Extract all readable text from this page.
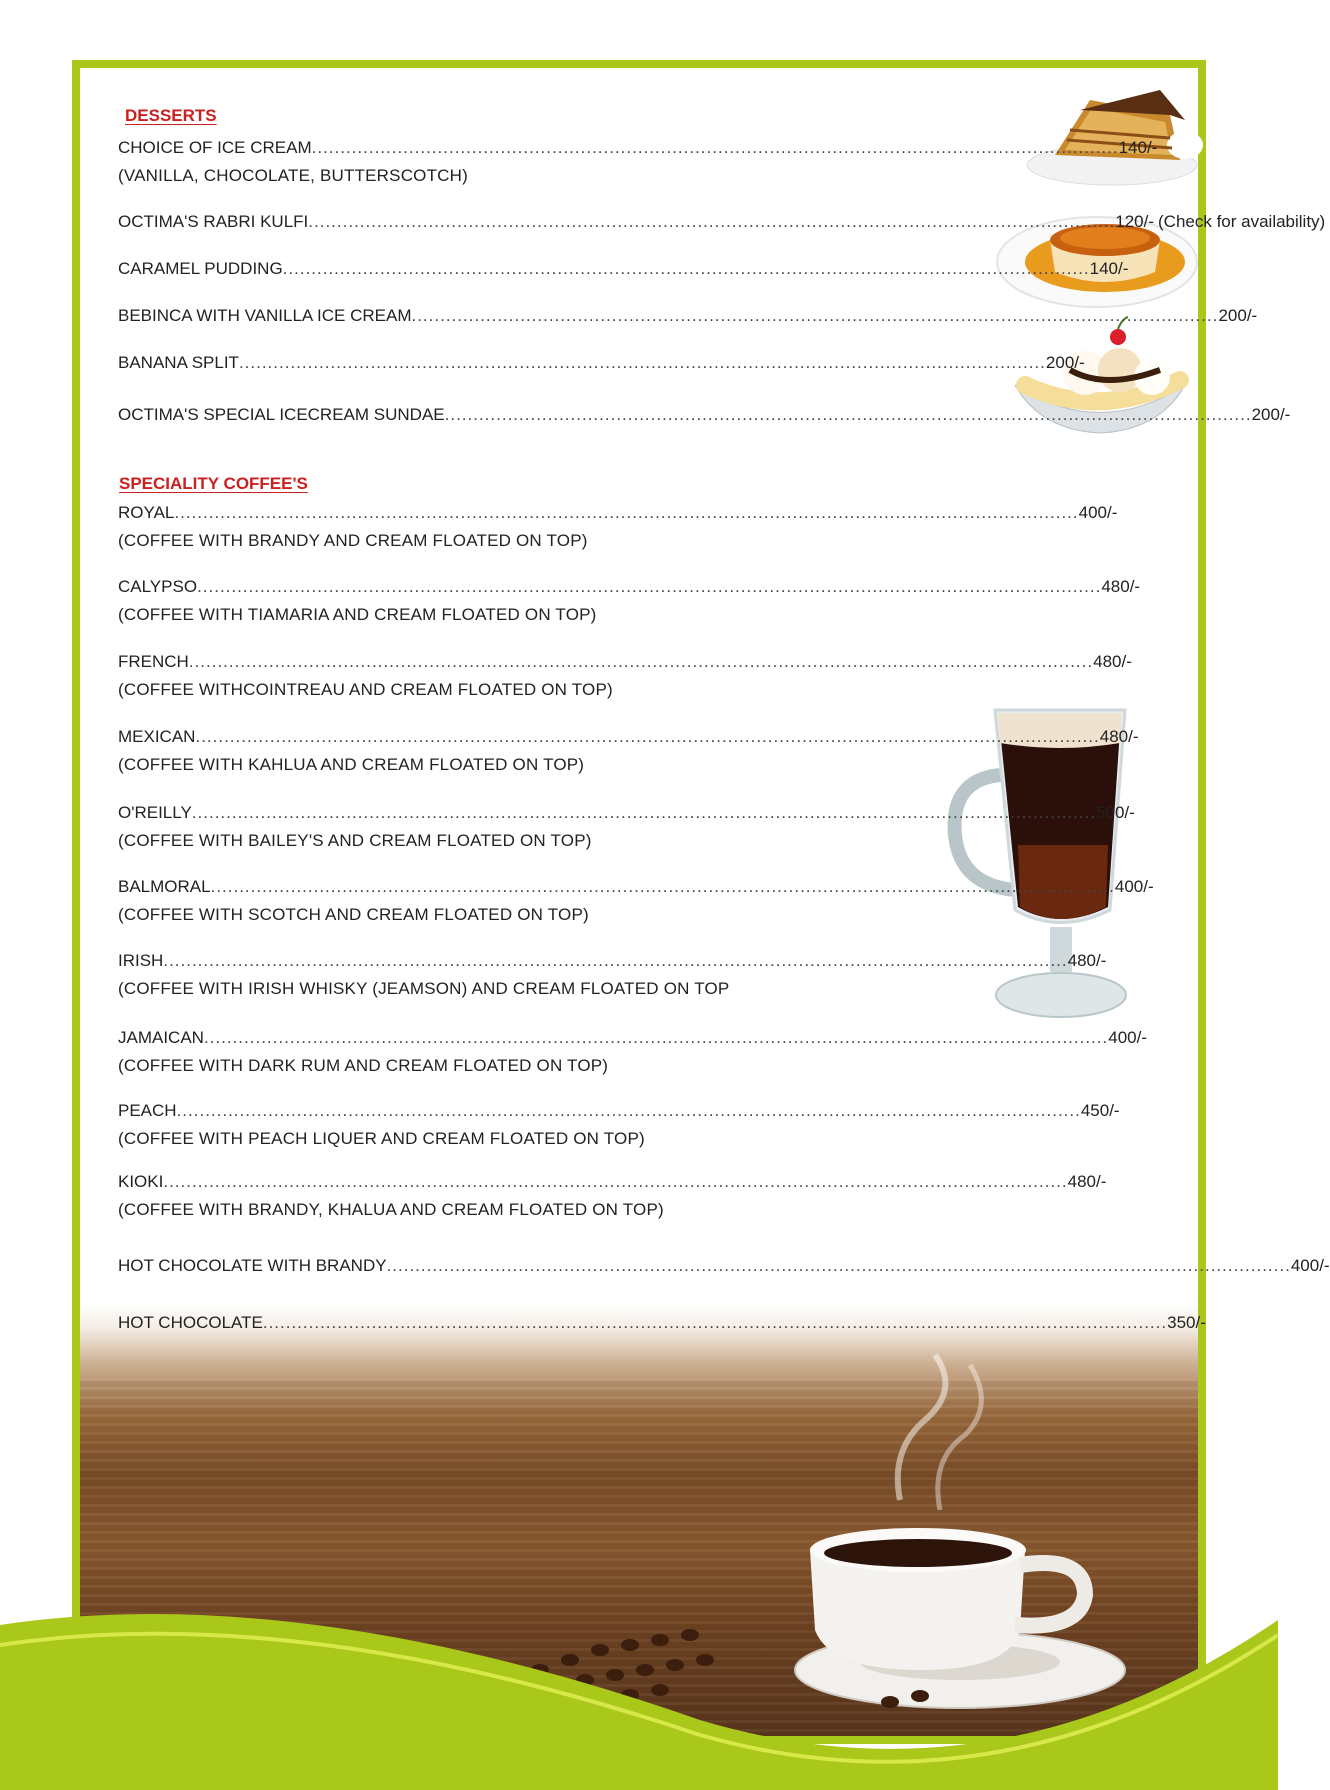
DESSERTS
CHOICE OF ICE CREAM ............................................................................................................................................. 140/-
(VANILLA, CHOCOLATE, BUTTERSCOTCH)
OCTIMA'S RABRI KULFI ............................................................................................................................................. 120/- (Check for availability)
CARAMEL PUDDING ............................................................................................................................................. 140/-
BEBINCA WITH VANILLA ICE CREAM ............................................................................................................................................. 200/-
BANANA SPLIT ............................................................................................................................................. 200/-
OCTIMA'S SPECIAL ICECREAM SUNDAE ............................................................................................................................................. 200/-
SPECIALITY COFFEE'S
ROYAL .............................................................................................................................................................. 400/-
(COFFEE WITH BRANDY AND CREAM FLOATED ON TOP)
CALYPSO .............................................................................................................................................................. 480/-
(COFFEE WITH TIAMARIA AND CREAM FLOATED ON TOP)
FRENCH .............................................................................................................................................................. 480/-
(COFFEE WITHCOINTREAU AND CREAM FLOATED ON TOP)
MEXICAN .............................................................................................................................................................. 480/-
(COFFEE WITH KAHLUA AND CREAM FLOATED ON TOP)
O'REILLY .............................................................................................................................................................. 500/-
(COFFEE WITH BAILEY'S AND CREAM FLOATED ON TOP)
BALMORAL .............................................................................................................................................................. 400/-
(COFFEE WITH SCOTCH AND CREAM FLOATED ON TOP)
IRISH .............................................................................................................................................................. 480/-
(COFFEE WITH IRISH WHISKY (JEAMSON) AND CREAM FLOATED ON TOP
JAMAICAN .............................................................................................................................................................. 400/-
(COFFEE WITH DARK RUM AND CREAM FLOATED ON TOP)
PEACH .............................................................................................................................................................. 450/-
(COFFEE WITH PEACH LIQUER AND CREAM FLOATED ON TOP)
KIOKI .............................................................................................................................................................. 480/-
(COFFEE WITH BRANDY, KHALUA AND CREAM FLOATED ON TOP)
HOT CHOCOLATE WITH BRANDY .............................................................................................................................................................. 400/-
HOT CHOCOLATE .............................................................................................................................................................. 350/-
